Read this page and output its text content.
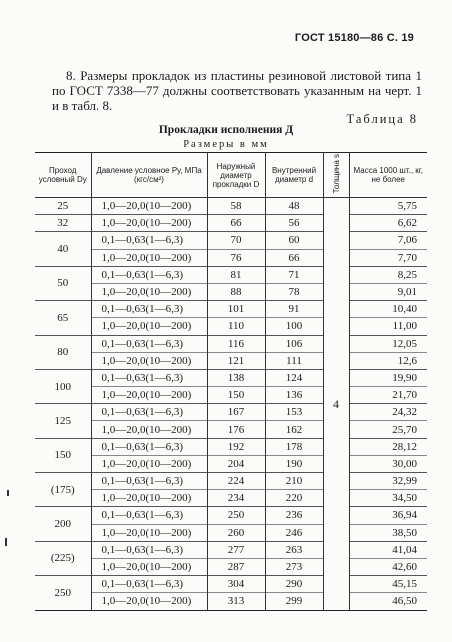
ГОСТ 15180—86 С. 19
8. Размеры прокладок из пластины резиновой листовой типа 1 по ГОСТ 7338—77 должны соответствовать указанным на черт. 1 и в табл. 8.
Таблица 8
Прокладки исполнения Д
Размеры в мм
Проход условный Dу	Давление условное Pу, МПа (кгс/см²)	Наружный диаметр прокладки D	Внутренний диаметр d	Толщина s	Масса 1000 шт., кг, не более
25	1,0—20,0(10—200)	58	48	4	5,75
32	1,0—20,0(10—200)	66	56		6,62
40	0,1—0,63(1—6,3)	70	60		7,06
	1,0—20,0(10—200)	76	66		7,70
50	0,1—0,63(1—6,3)	81	71		8,25
	1,0—20,0(10—200)	88	78		9,01
65	0,1—0,63(1—6,3)	101	91		10,40
	1,0—20,0(10—200)	110	100		11,00
80	0,1—0,63(1—6,3)	116	106		12,05
	1,0—20,0(10—200)	121	111		12,6
100	0,1—0,63(1—6,3)	138	124		19,90
	1,0—20,0(10—200)	150	136		21,70
125	0,1—0,63(1—6,3)	167	153		24,32
	1,0—20,0(10—200)	176	162		25,70
150	0,1—0,63(1—6,3)	192	178		28,12
	1,0—20,0(10—200)	204	190		30,00
(175)	0,1—0,63(1—6,3)	224	210		32,99
	1,0—20,0(10—200)	234	220		34,50
200	0,1—0,63(1—6,3)	250	236		36,94
	1,0—20,0(10—200)	260	246		38,50
(225)	0,1—0,63(1—6,3)	277	263		41,04
	1,0—20,0(10—200)	287	273		42,60
250	0,1—0,63(1—6,3)	304	290		45,15
	1,0—20,0(10—200)	313	299		46,50
